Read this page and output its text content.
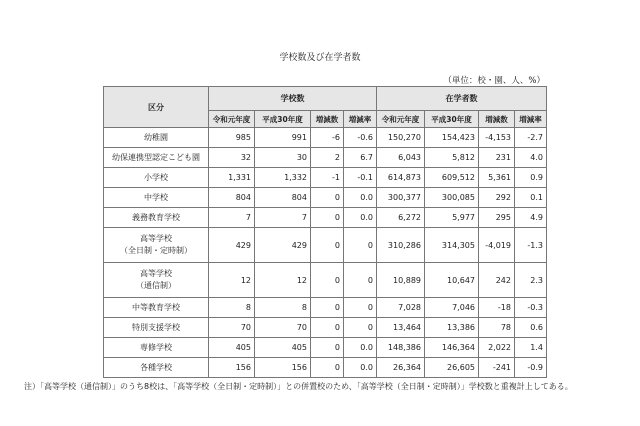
学校数及び在学者数
（単位：校・園、人、%）
区分	学校数				在学者数			
	令和元年度	平成30年度	増減数	増減率	令和元年度	平成30年度	増減数	増減率

幼稚園	985	991	-6	-0.6	150,270	154,423	-4,153	-2.7

幼保連携型認定こども園	32	30	2	6.7	6,043	5,812	231	4.0

小学校	1,331	1,332	-1	-0.1	614,873	609,512	5,361	0.9

中学校	804	804	0	0.0	300,377	300,085	292	0.1

義務教育学校	7	7	0	0.0	6,272	5,977	295	4.9

高等学校
（全日制・定時制）	429	429	0	0	310,286	314,305	-4,019	-1.3

高等学校
（通信制）	12	12	0	0	10,889	10,647	242	2.3

中等教育学校	8	8	0	0	7,028	7,046	-18	-0.3

特別支援学校	70	70	0	0	13,464	13,386	78	0.6

専修学校	405	405	0	0.0	148,386	146,364	2,022	1.4

各種学校	156	156	0	0.0	26,364	26,605	-241	-0.9
注）「高等学校（通信制）」のうち8校は、「高等学校（全日制・定時制）」との併置校のため、「高等学校（全日制・定時制）」学校数と重複計上してある。
